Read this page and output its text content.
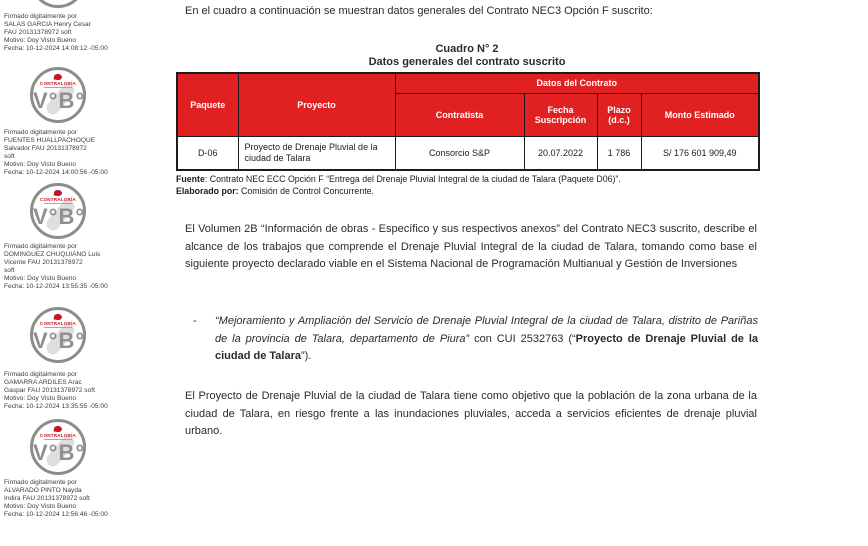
Firmado digitalmente por
SALAS GARCIA Henry Cesar
FAU 20131378972 soft
Motivo: Doy Visto Bueno
Fecha: 10-12-2024 14:08:12 -05:00
CONTRALORÍA
V°B°
Firmado digitalmente por
FUENTES HUALLPACHOQUE
Salvador FAU 20131378972
soft
Motivo: Doy Visto Bueno
Fecha: 10-12-2024 14:00:56 -05:00
CONTRALORÍA
V°B°
Firmado digitalmente por
DOMINGUEZ CHUQUIANO Luis
Vicente FAU 20131378972
soft
Motivo: Doy Visto Bueno
Fecha: 10-12-2024 13:55:35 -05:00
CONTRALORÍA
V°B°
Firmado digitalmente por
GAMARRA ARDILES Arac
Gaspar FAU 20131378972 soft
Motivo: Doy Visto Bueno
Fecha: 10-12-2024 13:35:55 -05:00
CONTRALORÍA
V°B°
Firmado digitalmente por
ALVARADO PINTO Nayda
Indira FAU 20131378972 soft
Motivo: Doy Visto Bueno
Fecha: 10-12-2024 12:56:46 -05:00

En el cuadro a continuación se muestran datos generales del Contrato NEC3 Opción F suscrito:

Cuadro N° 2
Datos generales del contrato suscrito
Paquete	Proyecto	Datos del Contrato			
		Contratista	Fecha Suscripción	Plazo (d.c.)	Monto Estimado
D-06	Proyecto de Drenaje Pluvial de la ciudad de Talara	Consorcio S&P	20.07.2022	1 786	S/ 176 601 909,49
Fuente: Contrato NEC ECC Opción F “Entrega del Drenaje Pluvial Integral de la ciudad de Talara (Paquete D06)”.
Elaborado por: Comisión de Control Concurrente.

El Volumen 2B “Información de obras - Específico y sus respectivos anexos” del Contrato NEC3 suscrito, describe el alcance de los trabajos que comprende el Drenaje Pluvial Integral de la ciudad de Talara, tomando como base el siguiente proyecto declarado viable en el Sistema Nacional de Programación Multianual y Gestión de Inversiones

-	“Mejoramiento y Ampliación del Servicio de Drenaje Pluvial Integral de la ciudad de Talara, distrito de Pariñas de la provincia de Talara, departamento de Piura” con CUI 2532763 (“Proyecto de Drenaje Pluvial de la ciudad de Talara”).

El Proyecto de Drenaje Pluvial de la ciudad de Talara tiene como objetivo que la población de la zona urbana de la ciudad de Talara, en riesgo frente a las inundaciones pluviales, acceda a servicios eficientes de drenaje pluvial urbano.
